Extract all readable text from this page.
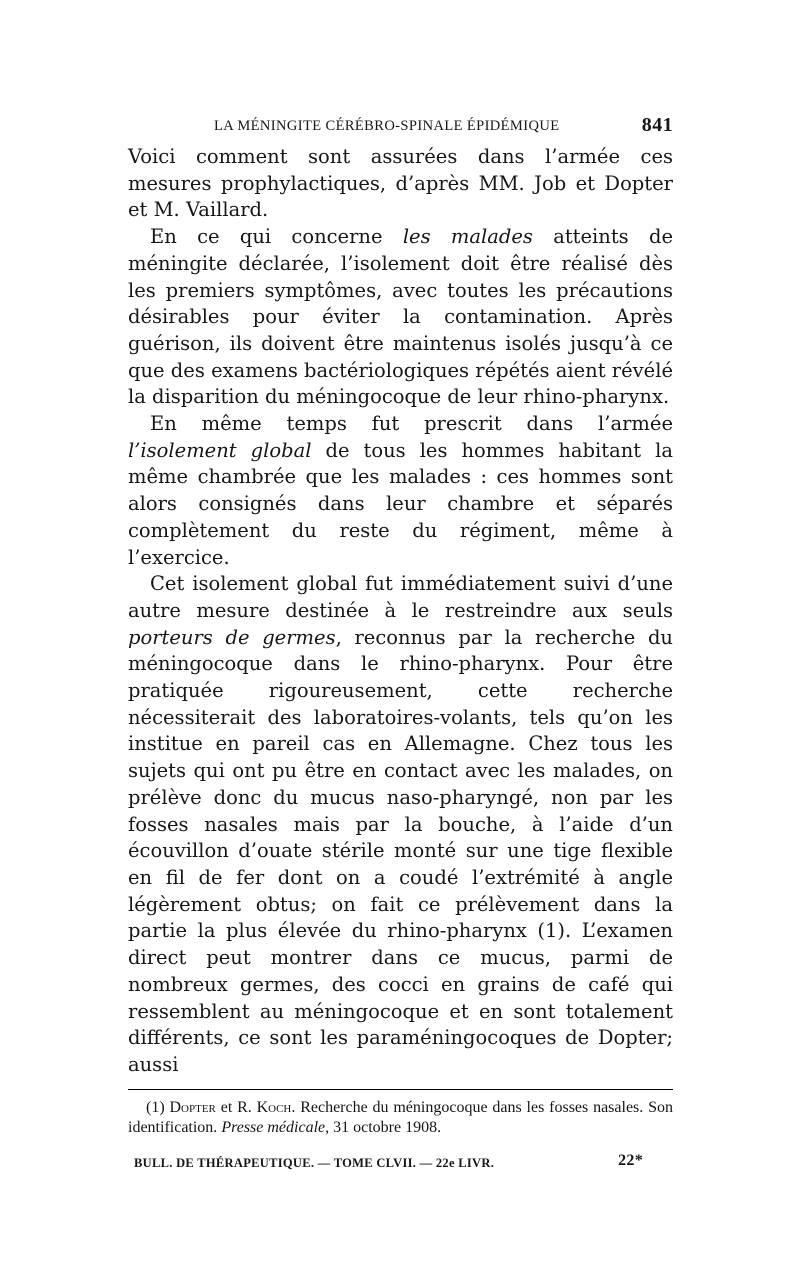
LA MÉNINGITE CÉRÉBRO-SPINALE ÉPIDÉMIQUE	841

Voici comment sont assurées dans l’armée ces mesures prophylactiques, d’après MM. Job et Dopter et M. Vaillard.

En ce qui concerne les malades atteints de méningite déclarée, l’isolement doit être réalisé dès les premiers symptômes, avec toutes les précautions désirables pour éviter la contamination. Après guérison, ils doivent être maintenus isolés jusqu’à ce que des examens bactériologiques répétés aient révélé la disparition du méningocoque de leur rhino-pharynx.

En même temps fut prescrit dans l’armée l’isolement global de tous les hommes habitant la même chambrée que les malades : ces hommes sont alors consignés dans leur chambre et séparés complètement du reste du régiment, même à l’exercice.

Cet isolement global fut immédiatement suivi d’une autre mesure destinée à le restreindre aux seuls porteurs de germes, reconnus par la recherche du méningocoque dans le rhino-pharynx. Pour être pratiquée rigoureusement, cette recherche nécessiterait des laboratoires-volants, tels qu’on les institue en pareil cas en Allemagne. Chez tous les sujets qui ont pu être en contact avec les malades, on prélève donc du mucus naso-pharyngé, non par les fosses nasales mais par la bouche, à l’aide d’un écouvillon d’ouate stérile monté sur une tige flexible en fil de fer dont on a coudé l’extrémité à angle légèrement obtus; on fait ce prélèvement dans la partie la plus élevée du rhino-pharynx (1). L’examen direct peut montrer dans ce mucus, parmi de nombreux germes, des cocci en grains de café qui ressemblent au méningocoque et en sont totalement différents, ce sont les paraméningocoques de Dopter; aussi

(1) Dopter et R. Koch. Recherche du méningocoque dans les fosses nasales. Son identification. Presse médicale, 31 octobre 1908.

BULL. DE THÉRAPEUTIQUE. — TOME CLVII. — 22e LIVR.	22*
